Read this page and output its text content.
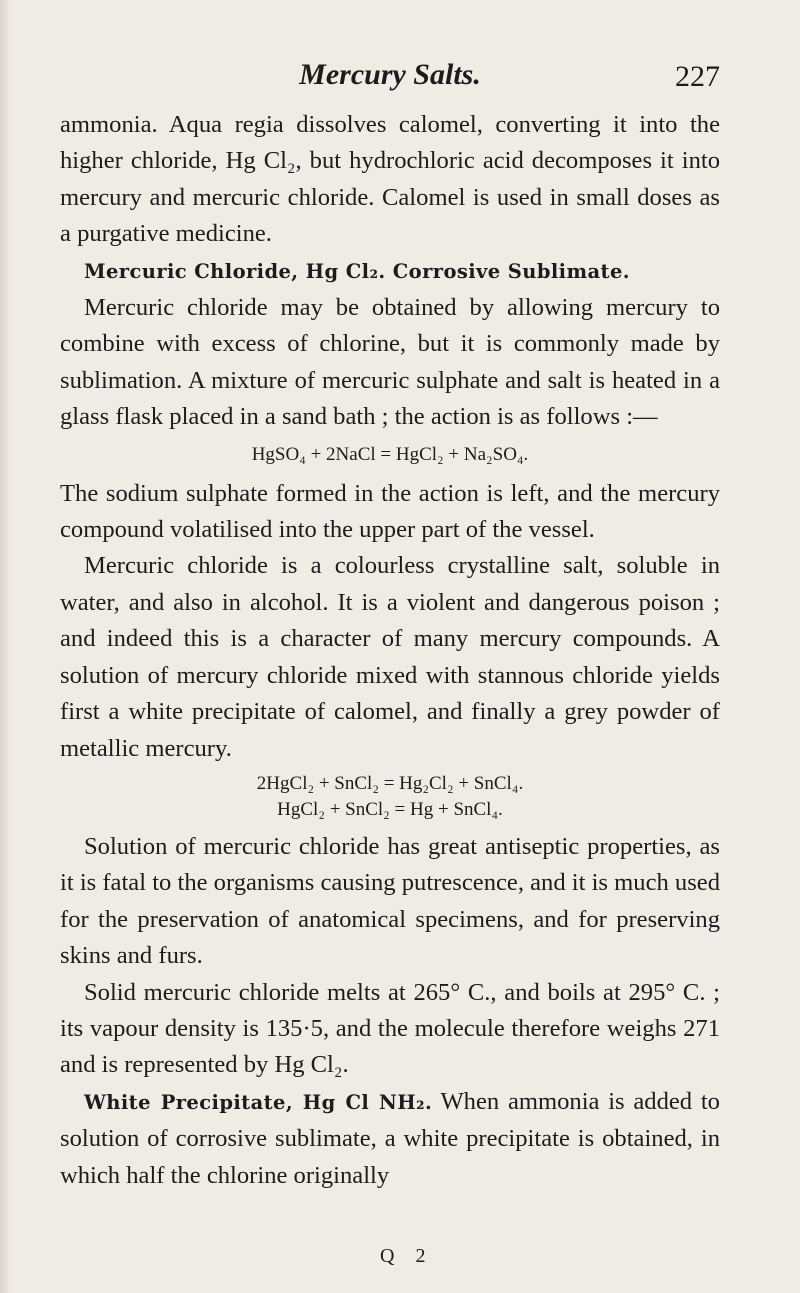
Mercury Salts.	227

ammonia. Aqua regia dissolves calomel, converting it into the higher chloride, Hg Cl₂, but hydrochloric acid decomposes it into mercury and mercuric chloride. Calomel is used in small doses as a purgative medicine.

Mercuric Chloride, Hg Cl₂. Corrosive Sublimate.

Mercuric chloride may be obtained by allowing mercury to combine with excess of chlorine, but it is commonly made by sublimation. A mixture of mercuric sulphate and salt is heated in a glass flask placed in a sand bath ; the action is as follows :—

HgSO₄ + 2NaCl = HgCl₂ + Na₂SO₄.

The sodium sulphate formed in the action is left, and the mercury compound volatilised into the upper part of the vessel.

Mercuric chloride is a colourless crystalline salt, soluble in water, and also in alcohol. It is a violent and dangerous poison ; and indeed this is a character of many mercury compounds. A solution of mercury chloride mixed with stannous chloride yields first a white precipitate of calomel, and finally a grey powder of metallic mercury.

2HgCl₂ + SnCl₂ = Hg₂Cl₂ + SnCl₄.
HgCl₂ + SnCl₂ = Hg + SnCl₄.

Solution of mercuric chloride has great antiseptic properties, as it is fatal to the organisms causing putrescence, and it is much used for the preservation of anatomical specimens, and for preserving skins and furs.

Solid mercuric chloride melts at 265° C., and boils at 295° C. ; its vapour density is 135·5, and the molecule therefore weighs 271 and is represented by Hg Cl₂.

White Precipitate, Hg Cl NH₂. When ammonia is added to solution of corrosive sublimate, a white precipitate is obtained, in which half the chlorine originally

Q 2
